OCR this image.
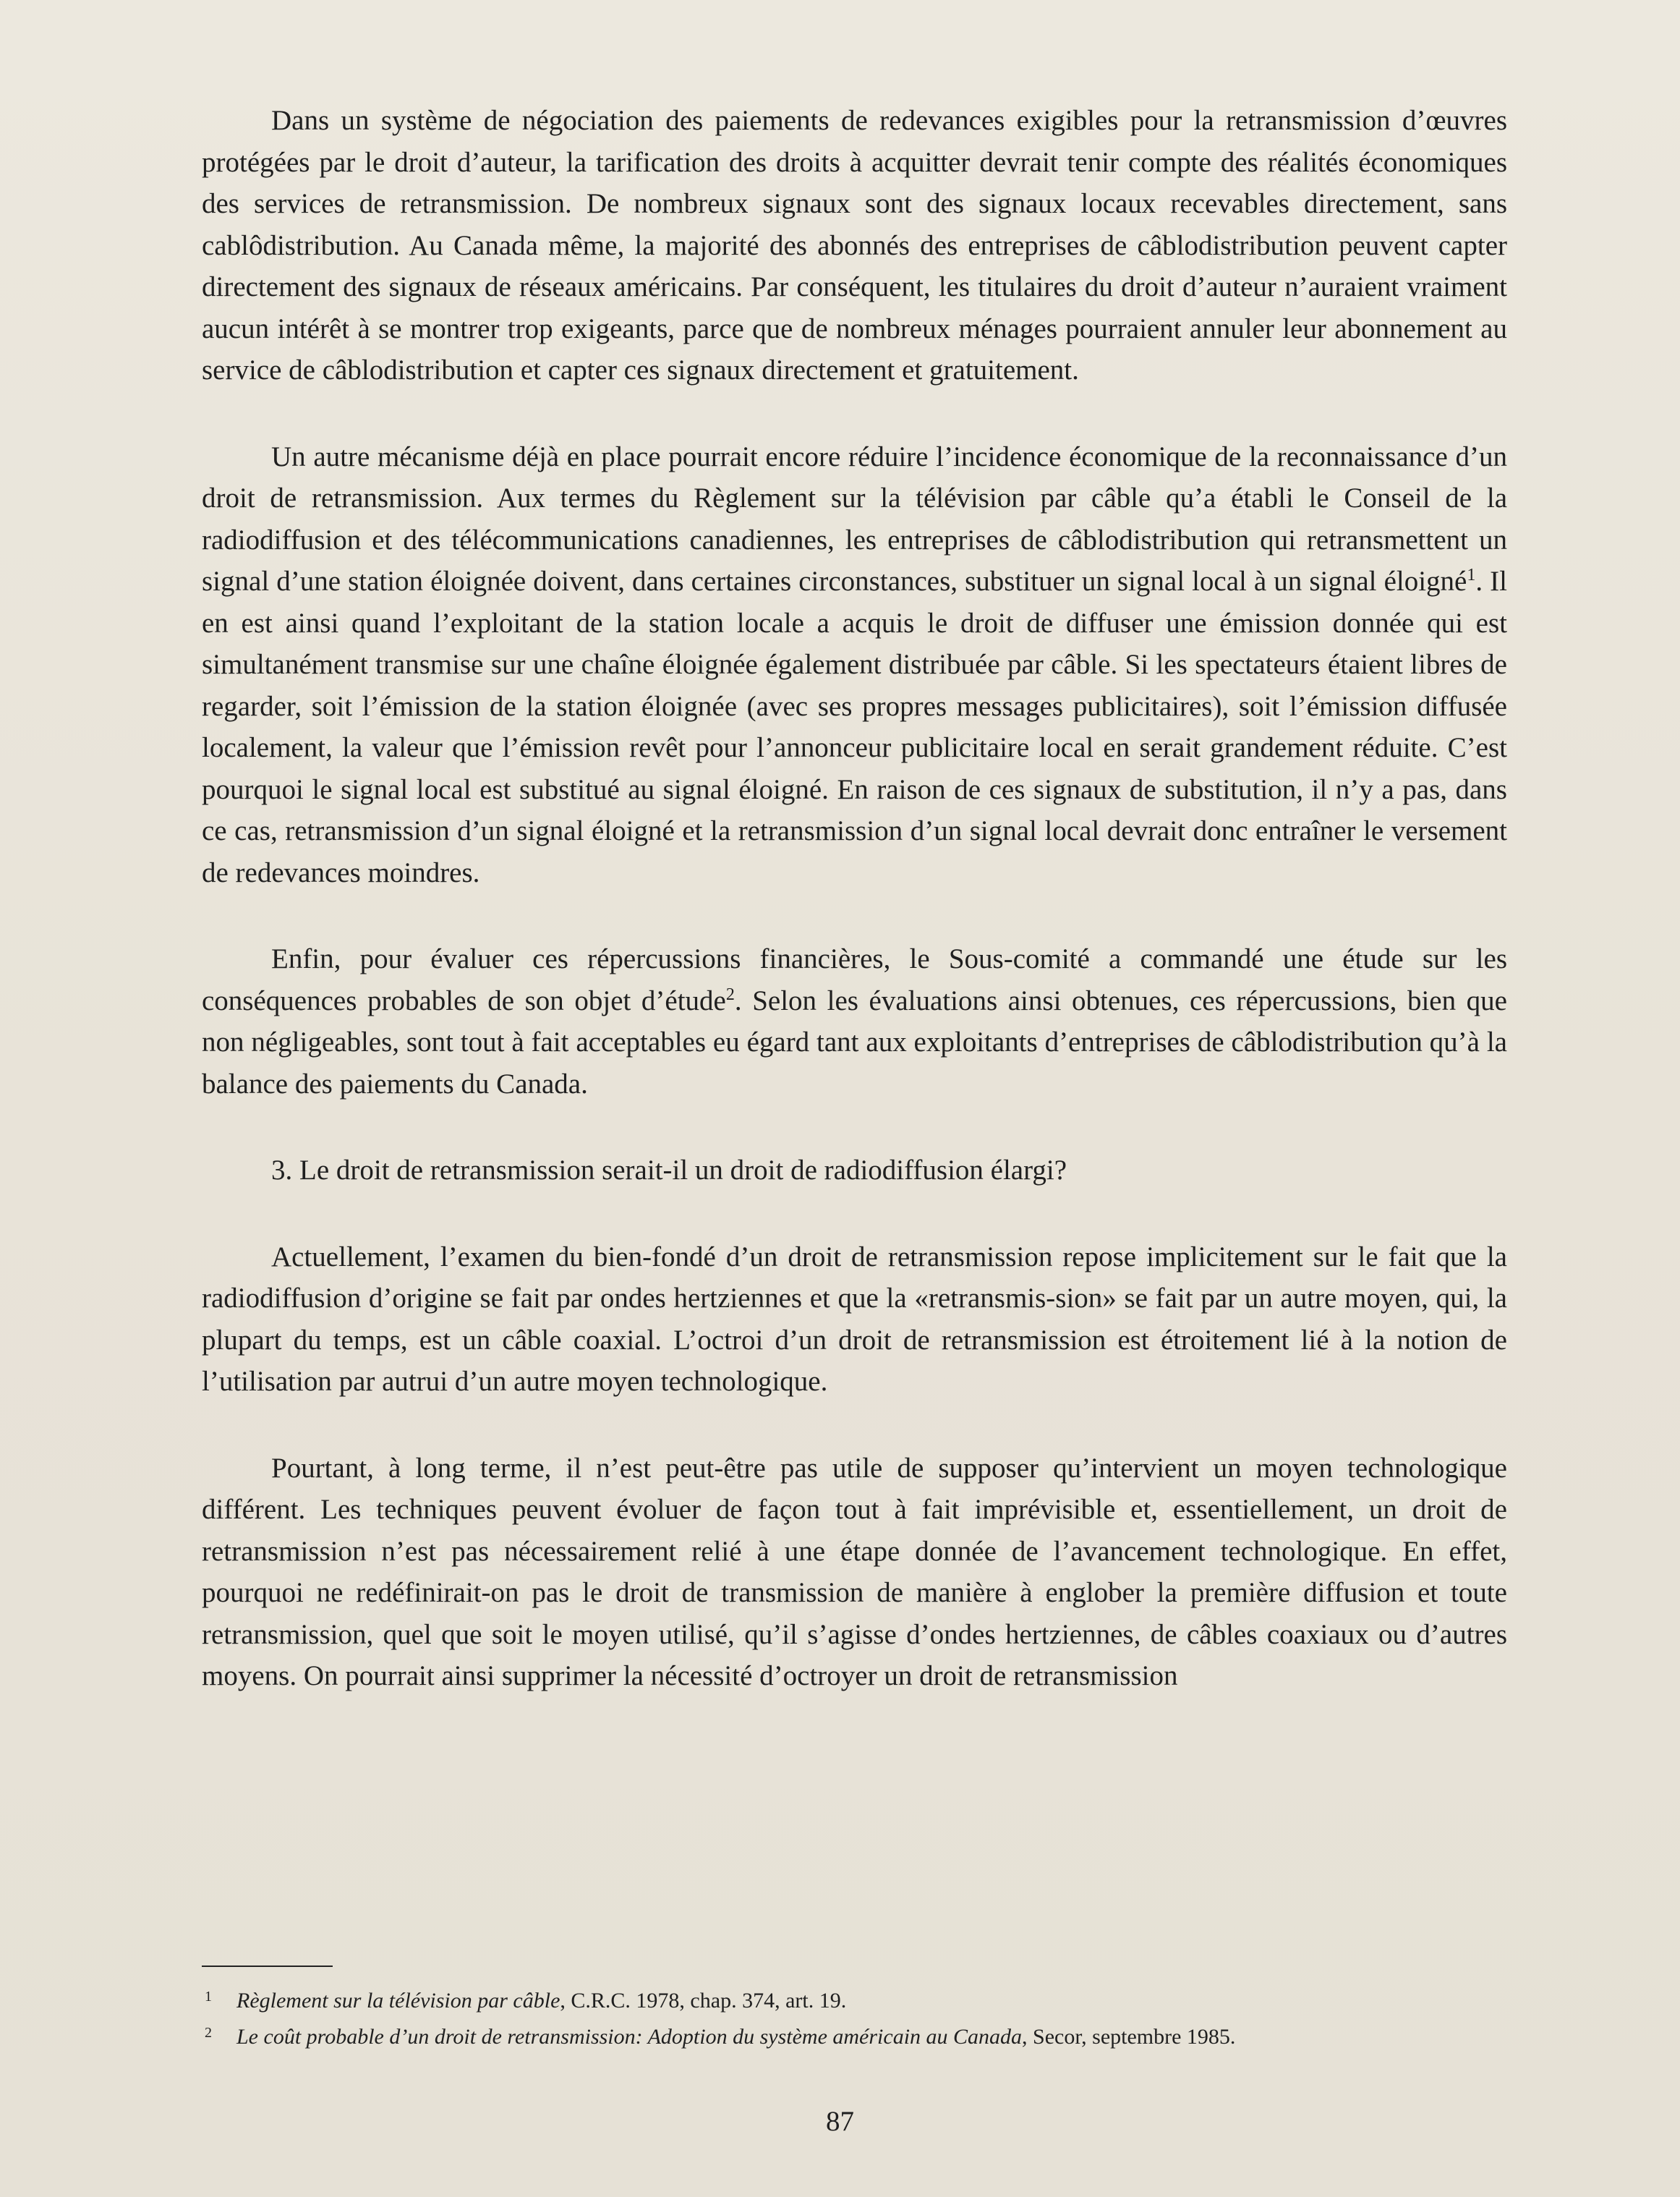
Dans un système de négociation des paiements de redevances exigibles pour la retransmission d’œuvres protégées par le droit d’auteur, la tarification des droits à acquitter devrait tenir compte des réalités économiques des services de retransmission. De nombreux signaux sont des signaux locaux recevables directement, sans cablôdistribution. Au Canada même, la majorité des abonnés des entreprises de câblodistribution peuvent capter directement des signaux de réseaux américains. Par conséquent, les titulaires du droit d’auteur n’auraient vraiment aucun intérêt à se montrer trop exigeants, parce que de nombreux ménages pourraient annuler leur abonnement au service de câblodistribution et capter ces signaux directement et gratuitement.

Un autre mécanisme déjà en place pourrait encore réduire l’incidence économique de la reconnaissance d’un droit de retransmission. Aux termes du Règlement sur la télévision par câble qu’a établi le Conseil de la radiodiffusion et des télécommunications canadiennes, les entreprises de câblodistribution qui retransmettent un signal d’une station éloignée doivent, dans certaines circonstances, substituer un signal local à un signal éloigné$^1$. Il en est ainsi quand l’exploitant de la station locale a acquis le droit de diffuser une émission donnée qui est simultanément transmise sur une chaîne éloignée également distribuée par câble. Si les spectateurs étaient libres de regarder, soit l’émission de la station éloignée (avec ses propres messages publicitaires), soit l’émission diffusée localement, la valeur que l’émission revêt pour l’annonceur publicitaire local en serait grandement réduite. C’est pourquoi le signal local est substitué au signal éloigné. En raison de ces signaux de substitution, il n’y a pas, dans ce cas, retransmission d’un signal éloigné et la retransmission d’un signal local devrait donc entraîner le versement de redevances moindres.

Enfin, pour évaluer ces répercussions financières, le Sous-comité a commandé une étude sur les conséquences probables de son objet d’étude$^2$. Selon les évaluations ainsi obtenues, ces répercussions, bien que non négligeables, sont tout à fait acceptables eu égard tant aux exploitants d’entreprises de câblodistribution qu’à la balance des paiements du Canada.

3. Le droit de retransmission serait-il un droit de radiodiffusion élargi?

Actuellement, l’examen du bien-fondé d’un droit de retransmission repose implicitement sur le fait que la radiodiffusion d’origine se fait par ondes hertziennes et que la «retransmis-sion» se fait par un autre moyen, qui, la plupart du temps, est un câble coaxial. L’octroi d’un droit de retransmission est étroitement lié à la notion de l’utilisation par autrui d’un autre moyen technologique.

Pourtant, à long terme, il n’est peut-être pas utile de supposer qu’intervient un moyen technologique différent. Les techniques peuvent évoluer de façon tout à fait imprévisible et, essentiellement, un droit de retransmission n’est pas nécessairement relié à une étape donnée de l’avancement technologique. En effet, pourquoi ne redéfinirait-on pas le droit de transmission de manière à englober la première diffusion et toute retransmission, quel que soit le moyen utilisé, qu’il s’agisse d’ondes hertziennes, de câbles coaxiaux ou d’autres moyens. On pourrait ainsi supprimer la nécessité d’octroyer un droit de retransmission

1 Règlement sur la télévision par câble, C.R.C. 1978, chap. 374, art. 19.

2 Le coût probable d’un droit de retransmission: Adoption du système américain au Canada, Secor, septembre 1985.

87
